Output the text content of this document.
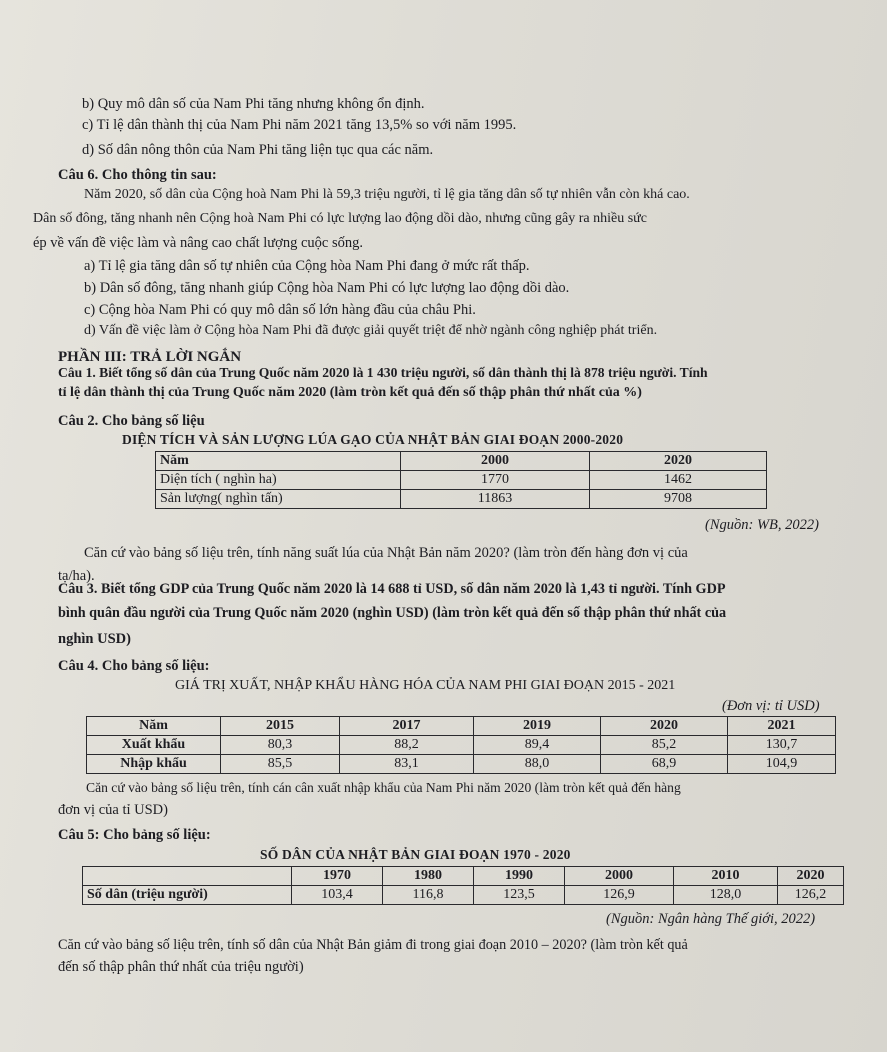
b) Quy mô dân số của Nam Phi tăng nhưng không ổn định.
c) Tỉ lệ dân thành thị của Nam Phi năm 2021 tăng 13,5% so với năm 1995.
d) Số dân nông thôn của Nam Phi tăng liện tục qua các năm.
Câu 6. Cho thông tin sau:
Năm 2020, số dân của Cộng hoà Nam Phi là 59,3 triệu người, tỉ lệ gia tăng dân số tự nhiên vẫn còn khá cao.
Dân số đông, tăng nhanh nên Cộng hoà Nam Phi có lực lượng lao động dồi dào, nhưng cũng gây ra nhiều sức
ép về vấn đề việc làm và nâng cao chất lượng cuộc sống.
a) Tỉ lệ gia tăng dân số tự nhiên của Cộng hòa Nam Phi đang ở mức rất thấp.
b) Dân số đông, tăng nhanh giúp Cộng hòa Nam Phi có lực lượng lao động dồi dào.
c) Cộng hòa Nam Phi có quy mô dân số lớn hàng đầu của châu Phi.
d) Vấn đề việc làm ở Cộng hòa Nam Phi đã được giải quyết triệt để nhờ ngành công nghiệp phát triển.
PHẦN III: TRẢ LỜI NGẮN
Câu 1. Biết tổng số dân của Trung Quốc năm 2020 là 1 430 triệu người, số dân thành thị là 878 triệu người. Tính
tỉ lệ dân thành thị của Trung Quốc năm 2020 (làm tròn kết quả đến số thập phân thứ nhất của %)
Câu 2. Cho bảng số liệu
DIỆN TÍCH VÀ SẢN LƯỢNG LÚA GẠO CỦA NHẬT BẢN GIAI ĐOẠN 2000-2020
Năm	2000	2020
Diện tích ( nghìn ha)	1770	1462
Sản lượng( nghìn tấn)	11863	9708
(Nguồn: WB, 2022)
Căn cứ vào bảng số liệu trên, tính năng suất lúa của Nhật Bản năm 2020? (làm tròn đến hàng đơn vị của
tạ/ha).
Câu 3. Biết tổng GDP của Trung Quốc năm 2020 là 14 688 tỉ USD, số dân năm 2020 là 1,43 tỉ người. Tính GDP
bình quân đầu người của Trung Quốc năm 2020 (nghìn USD) (làm tròn kết quả đến số thập phân thứ nhất của
nghìn USD)
Câu 4. Cho bảng số liệu:
GIÁ TRỊ XUẤT, NHẬP KHẨU HÀNG HÓA CỦA NAM PHI GIAI ĐOẠN 2015 - 2021
(Đơn vị: tỉ USD)
Năm	2015	2017	2019	2020	2021
Xuất khẩu	80,3	88,2	89,4	85,2	130,7
Nhập khẩu	85,5	83,1	88,0	68,9	104,9
Căn cứ vào bảng số liệu trên, tính cán cân xuất nhập khẩu của Nam Phi năm 2020 (làm tròn kết quả đến hàng
đơn vị của tỉ USD)
Câu 5: Cho bảng số liệu:
SỐ DÂN CỦA NHẬT BẢN GIAI ĐOẠN 1970 - 2020
	1970	1980	1990	2000	2010	2020
Số dân (triệu người)	103,4	116,8	123,5	126,9	128,0	126,2
(Nguồn: Ngân hàng Thế giới, 2022)
Căn cứ vào bảng số liệu trên, tính số dân của Nhật Bản giảm đi trong giai đoạn 2010 – 2020? (làm tròn kết quả
đến số thập phân thứ nhất của triệu người)
